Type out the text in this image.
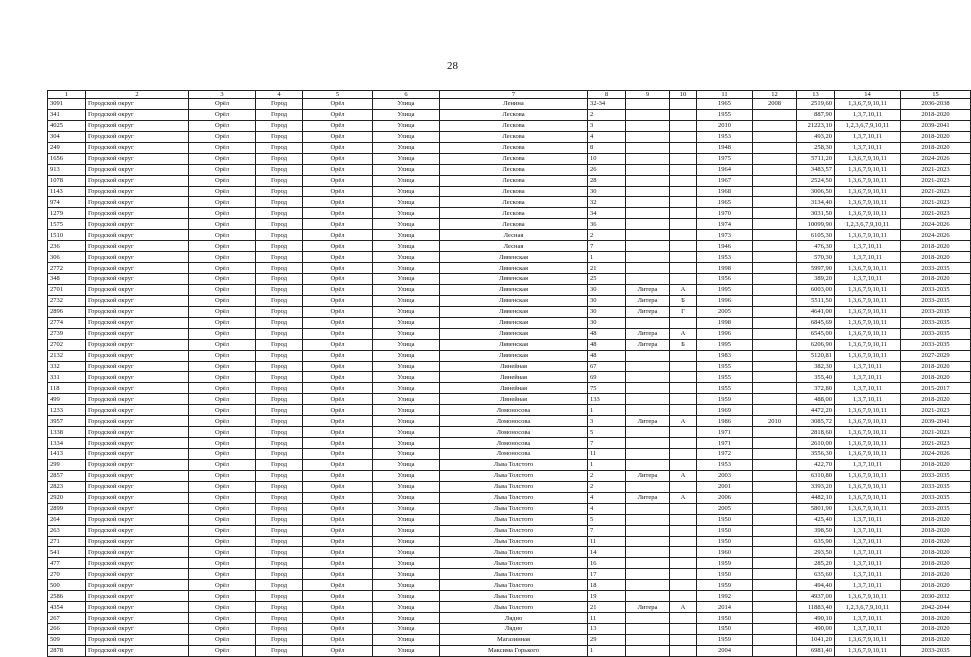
28
1	2	3	4	5	6	7	8	9	10	11	12	13	14	15
3091	Городской округ	Орёл	Город	Орёл	Улица	Ленина	32-34			1965	2008	2519,60	1,3,6,7,9,10,11	2036-2038
341	Городской округ	Орёл	Город	Орёл	Улица	Лескова	2			1955		887,90	1,3,7,10,11	2018-2020
4025	Городской округ	Орёл	Город	Орёл	Улица	Лескова	3			2010		21223,10	1,2,3,6,7,9,10,11	2039-2041
304	Городской округ	Орёл	Город	Орёл	Улица	Лескова	4			1953		493,20	1,3,7,10,11	2018-2020
249	Городской округ	Орёл	Город	Орёл	Улица	Лескова	8			1948		258,30	1,3,7,10,11	2018-2020
1656	Городской округ	Орёл	Город	Орёл	Улица	Лескова	10			1975		5711,20	1,3,6,7,9,10,11	2024-2026
913	Городской округ	Орёл	Город	Орёл	Улица	Лескова	26			1964		3483,57	1,3,6,7,9,10,11	2021-2023
1078	Городской округ	Орёл	Город	Орёл	Улица	Лескова	28			1967		2524,50	1,3,6,7,9,10,11	2021-2023
1143	Городской округ	Орёл	Город	Орёл	Улица	Лескова	30			1968		3006,50	1,3,6,7,9,10,11	2021-2023
974	Городской округ	Орёл	Город	Орёл	Улица	Лескова	32			1965		3134,40	1,3,6,7,9,10,11	2021-2023
1279	Городской округ	Орёл	Город	Орёл	Улица	Лескова	34			1970		3031,50	1,3,6,7,9,10,11	2021-2023
1575	Городской округ	Орёл	Город	Орёл	Улица	Лескова	36			1974		10099,90	1,2,3,6,7,9,10,11	2024-2026
1510	Городской округ	Орёл	Город	Орёл	Улица	Лесная	2			1973		6105,30	1,3,6,7,9,10,11	2024-2026
236	Городской округ	Орёл	Город	Орёл	Улица	Лесная	7			1946		476,30	1,3,7,10,11	2018-2020
306	Городской округ	Орёл	Город	Орёл	Улица	Ливенская	1			1953		570,30	1,3,7,10,11	2018-2020
2772	Городской округ	Орёл	Город	Орёл	Улица	Ливенская	21			1998		5997,90	1,3,6,7,9,10,11	2033-2035
348	Городской округ	Орёл	Город	Орёл	Улица	Ливенская	25			1956		389,20	1,3,7,10,11	2018-2020
2701	Городской округ	Орёл	Город	Орёл	Улица	Ливенская	30	Литера	А	1995		6003,00	1,3,6,7,9,10,11	2033-2035
2732	Городской округ	Орёл	Город	Орёл	Улица	Ливенская	30	Литера	Б	1996		5511,50	1,3,6,7,9,10,11	2033-2035
2896	Городской округ	Орёл	Город	Орёл	Улица	Ливенская	30	Литера	Г	2005		4641,00	1,3,6,7,9,10,11	2033-2035
2774	Городской округ	Орёл	Город	Орёл	Улица	Ливенская	30			1998		6845,69	1,3,6,7,9,10,11	2033-2035
2739	Городской округ	Орёл	Город	Орёл	Улица	Ливенская	48	Литера	А	1996		6545,00	1,3,6,7,9,10,11	2033-2035
2702	Городской округ	Орёл	Город	Орёл	Улица	Ливенская	48	Литера	Б	1995		6206,90	1,3,6,7,9,10,11	2033-2035
2132	Городской округ	Орёл	Город	Орёл	Улица	Ливенская	48			1983		5120,81	1,3,6,7,9,10,11	2027-2029
332	Городской округ	Орёл	Город	Орёл	Улица	Линейная	67			1955		382,30	1,3,7,10,11	2018-2020
331	Городской округ	Орёл	Город	Орёл	Улица	Линейная	69			1955		355,40	1,3,7,10,11	2018-2020
118	Городской округ	Орёл	Город	Орёл	Улица	Линейная	75			1955		372,80	1,3,7,10,11	2015-2017
499	Городской округ	Орёл	Город	Орёл	Улица	Линейная	133			1959		488,00	1,3,7,10,11	2018-2020
1233	Городской округ	Орёл	Город	Орёл	Улица	Ломоносова	1			1969		4472,20	1,3,6,7,9,10,11	2021-2023
3957	Городской округ	Орёл	Город	Орёл	Улица	Ломоносова	3	Литера	А	1986	2010	3085,72	1,3,6,7,9,10,11	2039-2041
1338	Городской округ	Орёл	Город	Орёл	Улица	Ломоносова	5			1971		2818,60	1,3,6,7,9,10,11	2021-2023
1334	Городской округ	Орёл	Город	Орёл	Улица	Ломоносова	7			1971		2610,00	1,3,6,7,9,10,11	2021-2023
1413	Городской округ	Орёл	Город	Орёл	Улица	Ломоносова	11			1972		3556,30	1,3,6,7,9,10,11	2024-2026
299	Городской округ	Орёл	Город	Орёл	Улица	Льва Толстого	1			1953		422,70	1,3,7,10,11	2018-2020
2857	Городской округ	Орёл	Город	Орёл	Улица	Льва Толстого	2	Литера	А	2003		6310,80	1,3,6,7,9,10,11	2033-2035
2823	Городской округ	Орёл	Город	Орёл	Улица	Льва Толстого	2			2001		3393,20	1,3,6,7,9,10,11	2033-2035
2920	Городской округ	Орёл	Город	Орёл	Улица	Льва Толстого	4	Литера	А	2006		4482,10	1,3,6,7,9,10,11	2033-2035
2899	Городской округ	Орёл	Город	Орёл	Улица	Льва Толстого	4			2005		5801,90	1,3,6,7,9,10,11	2033-2035
264	Городской округ	Орёл	Город	Орёл	Улица	Льва Толстого	5			1950		425,40	1,3,7,10,11	2018-2020
263	Городской округ	Орёл	Город	Орёл	Улица	Льва Толстого	7			1950		398,50	1,3,7,10,11	2018-2020
271	Городской округ	Орёл	Город	Орёл	Улица	Льва Толстого	11			1950		635,90	1,3,7,10,11	2018-2020
541	Городской округ	Орёл	Город	Орёл	Улица	Льва Толстого	14			1960		293,50	1,3,7,10,11	2018-2020
477	Городской округ	Орёл	Город	Орёл	Улица	Льва Толстого	16			1959		285,20	1,3,7,10,11	2018-2020
270	Городской округ	Орёл	Город	Орёл	Улица	Льва Толстого	17			1950		635,60	1,3,7,10,11	2018-2020
500	Городской округ	Орёл	Город	Орёл	Улица	Льва Толстого	18			1959		494,40	1,3,7,10,11	2018-2020
2586	Городской округ	Орёл	Город	Орёл	Улица	Льва Толстого	19			1992		4937,00	1,3,6,7,9,10,11	2030-2032
4354	Городской округ	Орёл	Город	Орёл	Улица	Льва Толстого	21	Литера	А	2014		11883,40	1,2,3,6,7,9,10,11	2042-2044
267	Городской округ	Орёл	Город	Орёл	Улица	Лядно	11			1950		490,10	1,3,7,10,11	2018-2020
266	Городской округ	Орёл	Город	Орёл	Улица	Лядно	13			1950		490,00	1,3,7,10,11	2018-2020
509	Городской округ	Орёл	Город	Орёл	Улица	Магазинная	29			1959		1041,20	1,3,6,7,9,10,11	2018-2020
2878	Городской округ	Орёл	Город	Орёл	Улица	Максима Горького	1			2004		6981,40	1,3,6,7,9,10,11	2033-2035
